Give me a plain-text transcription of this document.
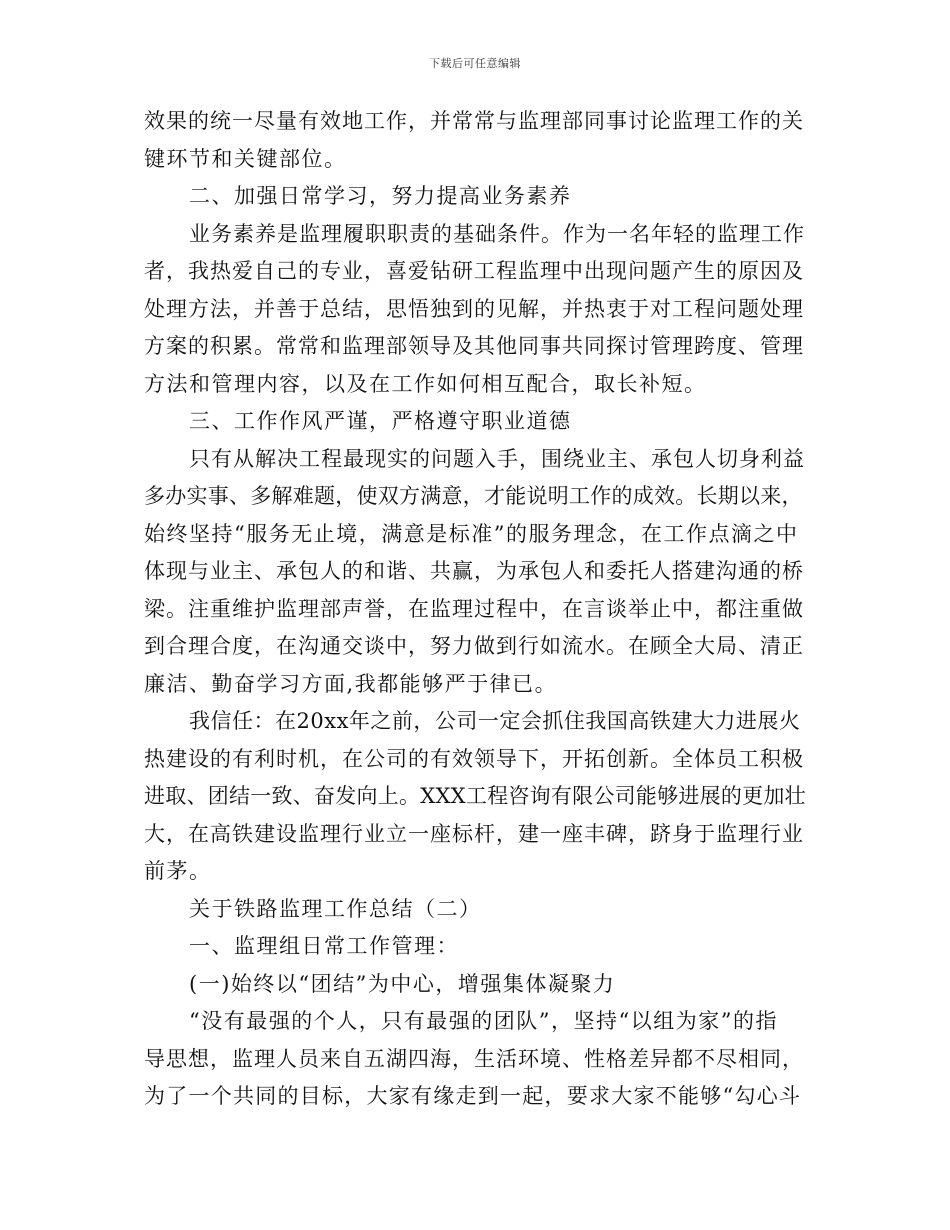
下载后可任意编辑
效果的统一尽量有效地工作，并常常与监理部同事讨论监理工作的关
键环节和关键部位。
二、加强日常学习，努力提高业务素养
业务素养是监理履职职责的基础条件。作为一名年轻的监理工作
者，我热爱自己的专业，喜爱钻研工程监理中出现问题产生的原因及
处理方法，并善于总结，思悟独到的见解，并热衷于对工程问题处理
方案的积累。常常和监理部领导及其他同事共同探讨管理跨度、管理
方法和管理内容，以及在工作如何相互配合，取长补短。
三、工作作风严谨，严格遵守职业道德
只有从解决工程最现实的问题入手，围绕业主、承包人切身利益
多办实事、多解难题，使双方满意，才能说明工作的成效。长期以来，
始终坚持“服务无止境，满意是标准”的服务理念，在工作点滴之中
体现与业主、承包人的和谐、共赢，为承包人和委托人搭建沟通的桥
梁。注重维护监理部声誉，在监理过程中，在言谈举止中，都注重做
到合理合度，在沟通交谈中，努力做到行如流水。在顾全大局、清正
廉洁、勤奋学习方面,我都能够严于律已。
我信任：在20xx年之前，公司一定会抓住我国高铁建大力进展火
热建设的有利时机，在公司的有效领导下，开拓创新。全体员工积极
进取、团结一致、奋发向上。XXX工程咨询有限公司能够进展的更加壮
大，在高铁建设监理行业立一座标杆，建一座丰碑，跻身于监理行业
前茅。
关于铁路监理工作总结（二）
一、监理组日常工作管理：
(一)始终以“团结”为中心，增强集体凝聚力
“没有最强的个人，只有最强的团队”，坚持“以组为家”的指
导思想，监理人员来自五湖四海，生活环境、性格差异都不尽相同，
为了一个共同的目标，大家有缘走到一起，要求大家不能够“勾心斗
